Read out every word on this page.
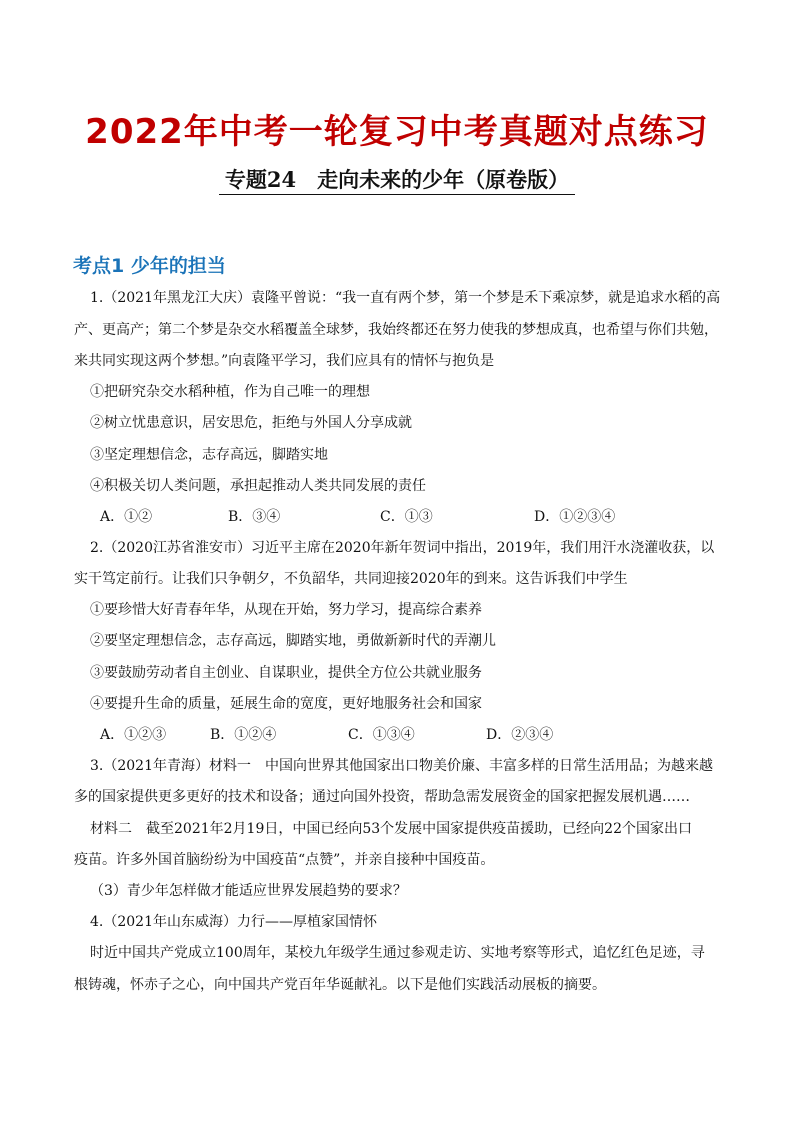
2022年中考一轮复习中考真题对点练习
专题24　走向未来的少年（原卷版）
考点1 少年的担当
1.（2021年黑龙江大庆）袁隆平曾说：“我一直有两个梦，第一个梦是禾下乘凉梦，就是追求水稻的高
产、更高产；第二个梦是杂交水稻覆盖全球梦，我始终都还在努力使我的梦想成真，也希望与你们共勉，
来共同实现这两个梦想。”向袁隆平学习，我们应具有的情怀与抱负是
①把研究杂交水稻种植，作为自己唯一的理想
②树立忧患意识，居安思危，拒绝与外国人分享成就
③坚定理想信念，志存高远，脚踏实地
④积极关切人类问题，承担起推动人类共同发展的责任
A．①②	B．③④	C．①③	D．①②③④
2.（2020江苏省淮安市）习近平主席在2020年新年贺词中指出，2019年，我们用汗水浇灌收获，以
实干笃定前行。让我们只争朝夕，不负韶华，共同迎接2020年的到来。这告诉我们中学生
①要珍惜大好青春年华，从现在开始，努力学习，提高综合素养
②要坚定理想信念，志存高远，脚踏实地，勇做新新时代的弄潮儿
③要鼓励劳动者自主创业、自谋职业，提供全方位公共就业服务
④要提升生命的质量，延展生命的宽度，更好地服务社会和国家
A．①②③	B．①②④	C．①③④	D．②③④
3.（2021年青海）材料一　中国向世界其他国家出口物美价廉、丰富多样的日常生活用品；为越来越
多的国家提供更多更好的技术和设备；通过向国外投资，帮助急需发展资金的国家把握发展机遇……
材料二　截至2021年2月19日，中国已经向53个发展中国家提供疫苗援助，已经向22个国家出口
疫苗。许多外国首脑纷纷为中国疫苗“点赞”，并亲自接种中国疫苗。
（3）青少年怎样做才能适应世界发展趋势的要求？
4.（2021年山东威海）力行——厚植家国情怀
时近中国共产党成立100周年，某校九年级学生通过参观走访、实地考察等形式，追忆红色足迹，寻
根铸魂，怀赤子之心，向中国共产党百年华诞献礼。以下是他们实践活动展板的摘要。
